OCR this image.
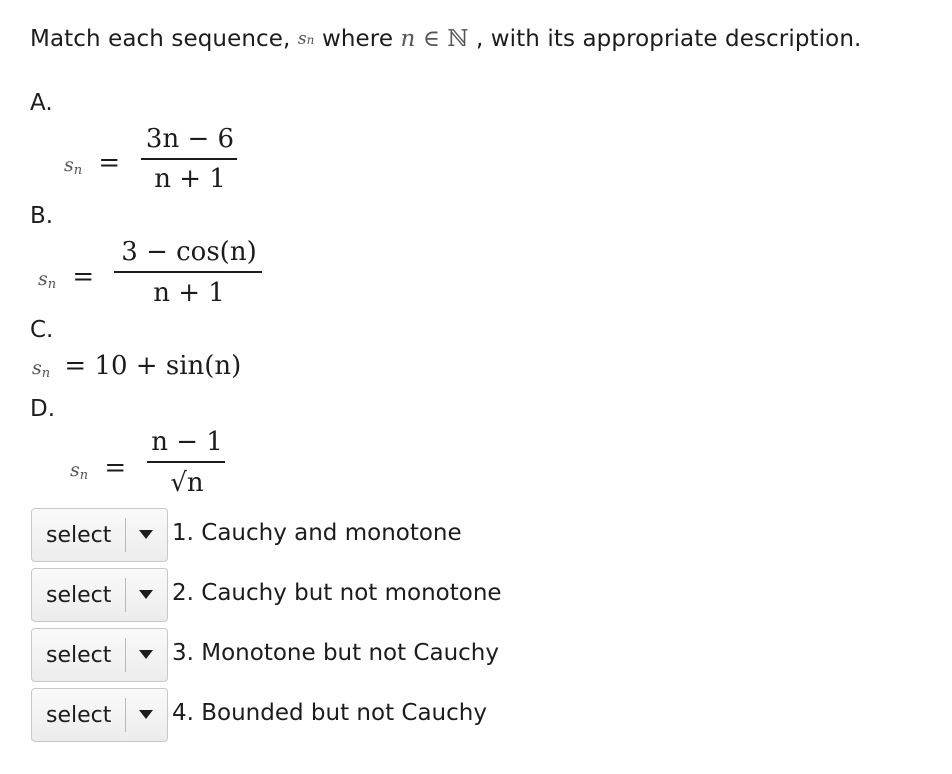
Match each sequence, sn where n ∈ ℕ , with its appropriate description.
A.
$s_n$ =
3n − 6
n + 1
B.
$s_n$ =
3 − cos(n)
n + 1
C.
$s_n = 10 + \sin(n)$
D.
$s_n$ =
n − 1
√n
select	1. Cauchy and monotone
select	2. Cauchy but not monotone
select	3. Monotone but not Cauchy
select	4. Bounded but not Cauchy
